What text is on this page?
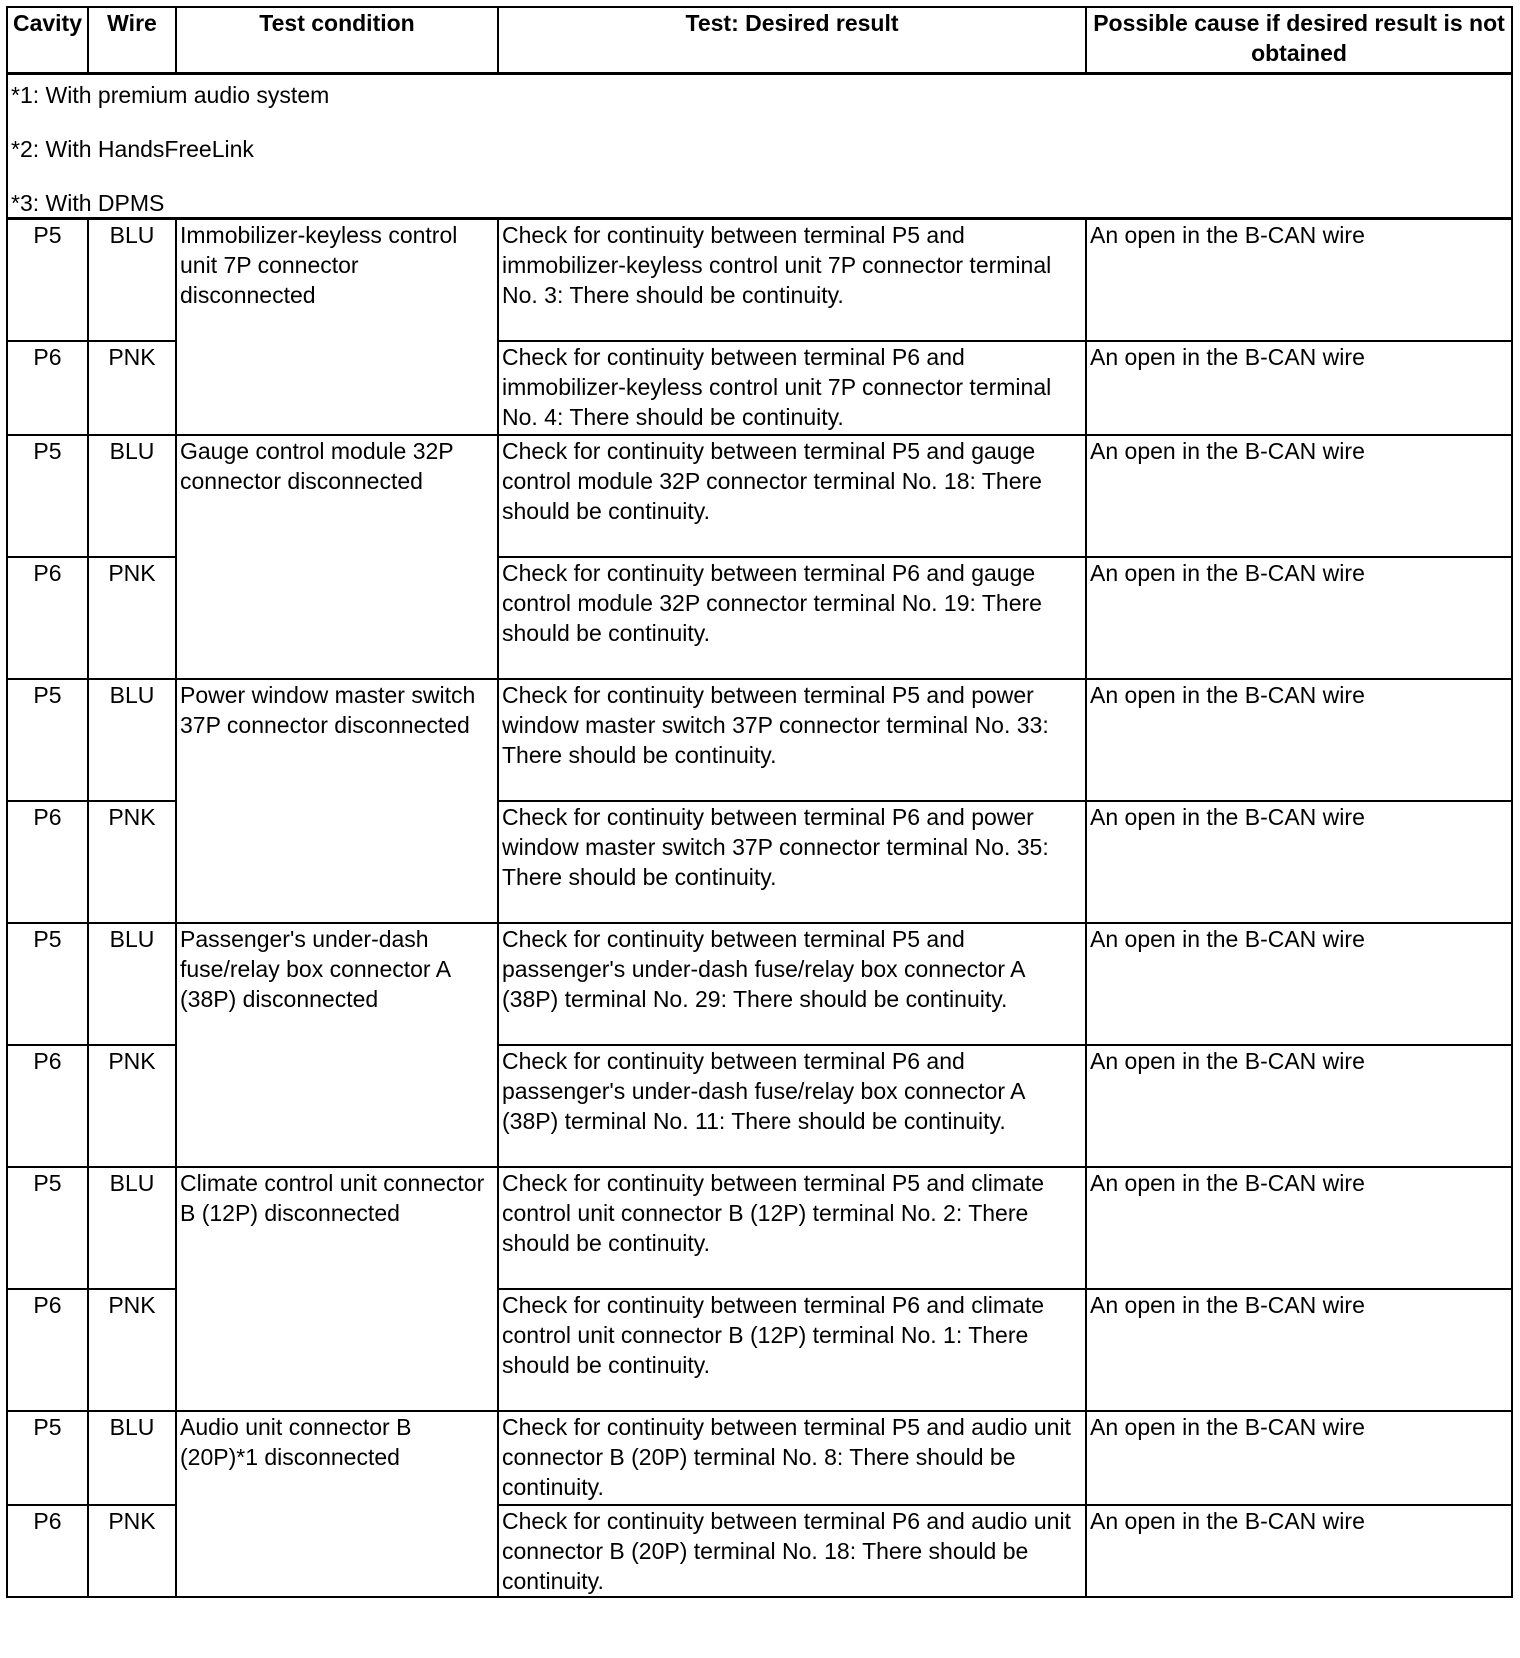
Cavity	Wire	Test condition	Test: Desired result	Possible cause if desired result is not obtained

*1: With premium audio system
*2: With HandsFreeLink
*3: With DPMS				

P5	BLU	Immobilizer-keyless control unit 7P connector disconnected	Check for continuity between terminal P5 and immobilizer-keyless control unit 7P connector terminal No. 3: There should be continuity.	An open in the B-CAN wire
P6	PNK		Check for continuity between terminal P6 and immobilizer-keyless control unit 7P connector terminal No. 4: There should be continuity.	An open in the B-CAN wire
P5	BLU	Gauge control module 32P connector disconnected	Check for continuity between terminal P5 and gauge control module 32P connector terminal No. 18: There should be continuity.	An open in the B-CAN wire
P6	PNK		Check for continuity between terminal P6 and gauge control module 32P connector terminal No. 19: There should be continuity.	An open in the B-CAN wire
P5	BLU	Power window master switch 37P connector disconnected	Check for continuity between terminal P5 and power window master switch 37P connector terminal No. 33: There should be continuity.	An open in the B-CAN wire
P6	PNK		Check for continuity between terminal P6 and power window master switch 37P connector terminal No. 35: There should be continuity.	An open in the B-CAN wire
P5	BLU	Passenger's under-dash fuse/relay box connector A (38P) disconnected	Check for continuity between terminal P5 and passenger's under-dash fuse/relay box connector A (38P) terminal No. 29: There should be continuity.	An open in the B-CAN wire
P6	PNK		Check for continuity between terminal P6 and passenger's under-dash fuse/relay box connector A (38P) terminal No. 11: There should be continuity.	An open in the B-CAN wire
P5	BLU	Climate control unit connector B (12P) disconnected	Check for continuity between terminal P5 and climate control unit connector B (12P) terminal No. 2: There should be continuity.	An open in the B-CAN wire
P6	PNK		Check for continuity between terminal P6 and climate control unit connector B (12P) terminal No. 1: There should be continuity.	An open in the B-CAN wire
P5	BLU	Audio unit connector B (20P)*1 disconnected	Check for continuity between terminal P5 and audio unit connector B (20P) terminal No. 8: There should be continuity.	An open in the B-CAN wire
P6	PNK		Check for continuity between terminal P6 and audio unit connector B (20P) terminal No. 18: There should be continuity.	An open in the B-CAN wire
